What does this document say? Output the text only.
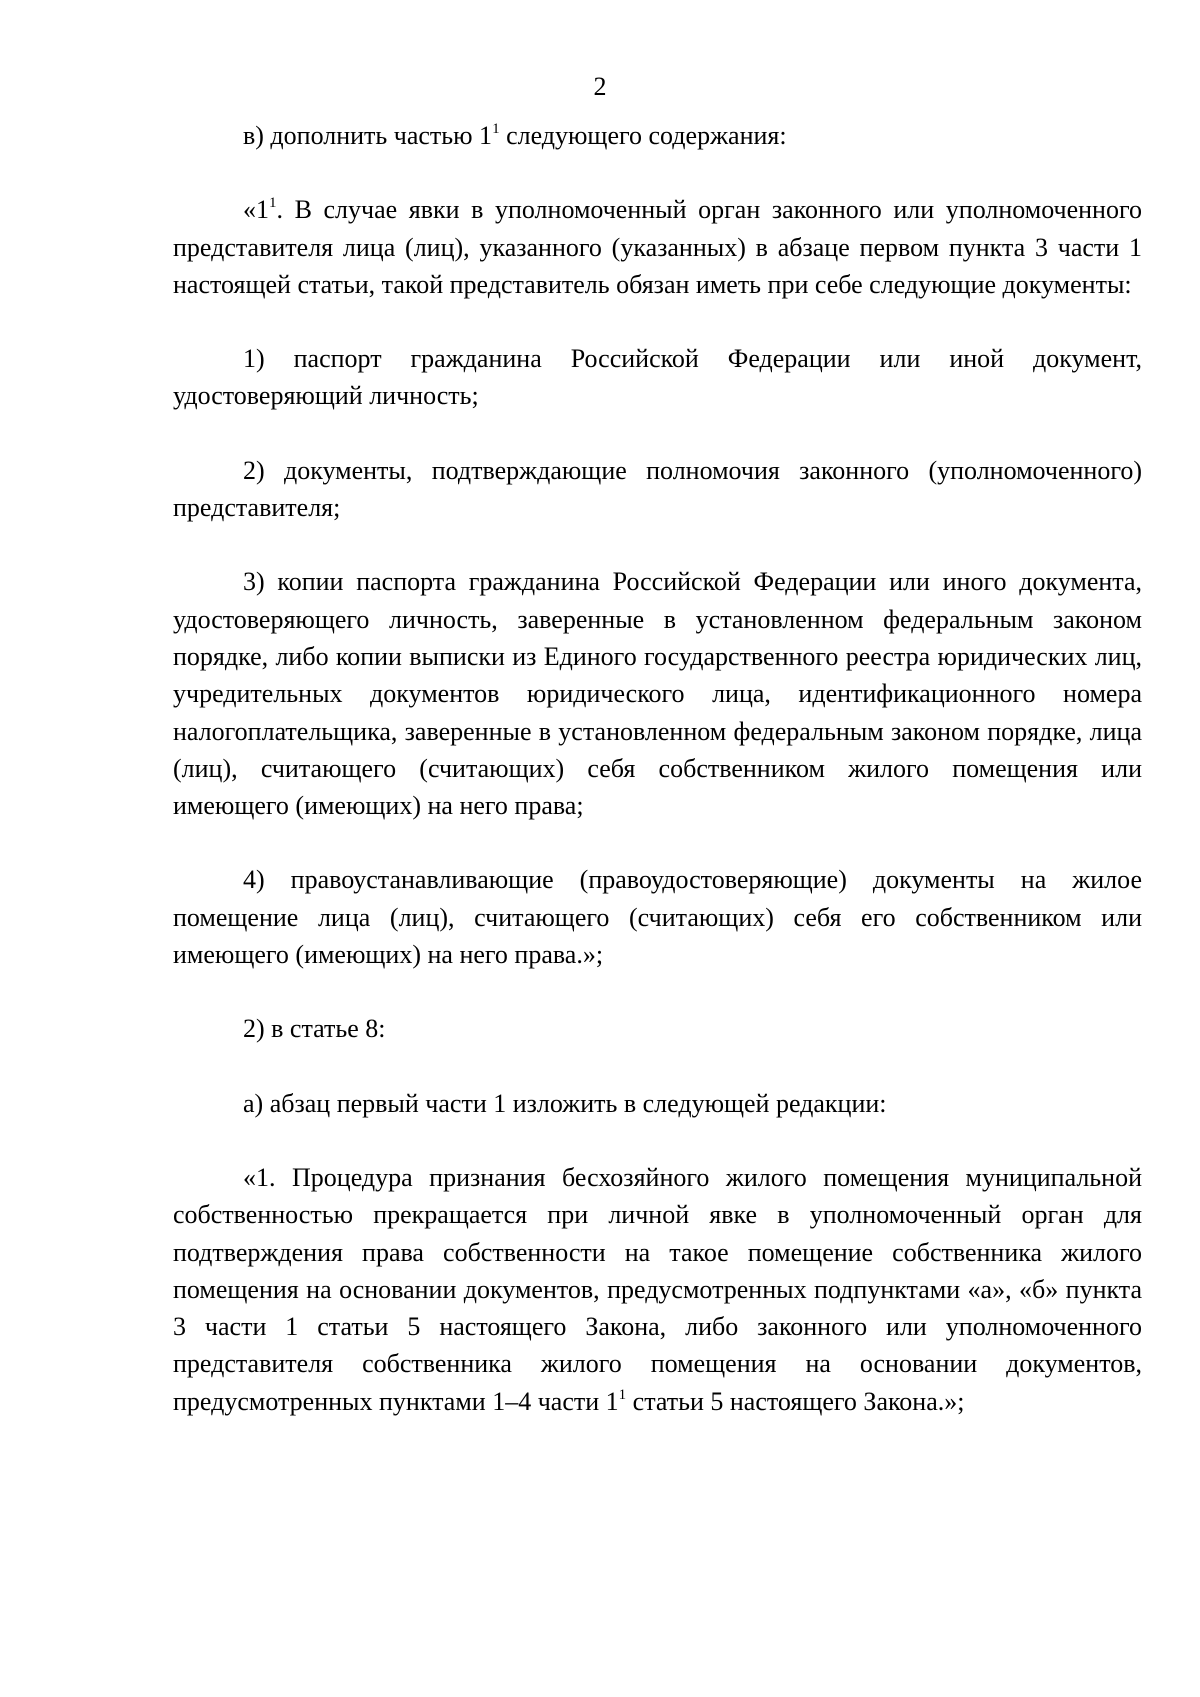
2

в) дополнить частью $1^1$ следующего содержания:

«$1^1$. В случае явки в уполномоченный орган законного или уполномоченного представителя лица (лиц), указанного (указанных) в абзаце первом пункта 3 части 1 настоящей статьи, такой представитель обязан иметь при себе следующие документы:

1) паспорт гражданина Российской Федерации или иной документ, удостоверяющий личность;

2) документы, подтверждающие полномочия законного (уполномоченного) представителя;

3) копии паспорта гражданина Российской Федерации или иного документа, удостоверяющего личность, заверенные в установленном федеральным законом порядке, либо копии выписки из Единого государственного реестра юридических лиц, учредительных документов юридического лица, идентификационного номера налогоплательщика, заверенные в установленном федеральным законом порядке, лица (лиц), считающего (считающих) себя собственником жилого помещения или имеющего (имеющих) на него права;

4) правоустанавливающие (правоудостоверяющие) документы на жилое помещение лица (лиц), считающего (считающих) себя его собственником или имеющего (имеющих) на него права.»;

2) в статье 8:

а) абзац первый части 1 изложить в следующей редакции:

«1. Процедура признания бесхозяйного жилого помещения муниципальной собственностью прекращается при личной явке в уполномоченный орган для подтверждения права собственности на такое помещение собственника жилого помещения на основании документов, предусмотренных подпунктами «а», «б» пункта 3 части 1 статьи 5 настоящего Закона, либо законного или уполномоченного представителя собственника жилого помещения на основании документов, предусмотренных пунктами 1–4 части $1^1$ статьи 5 настоящего Закона.»;
